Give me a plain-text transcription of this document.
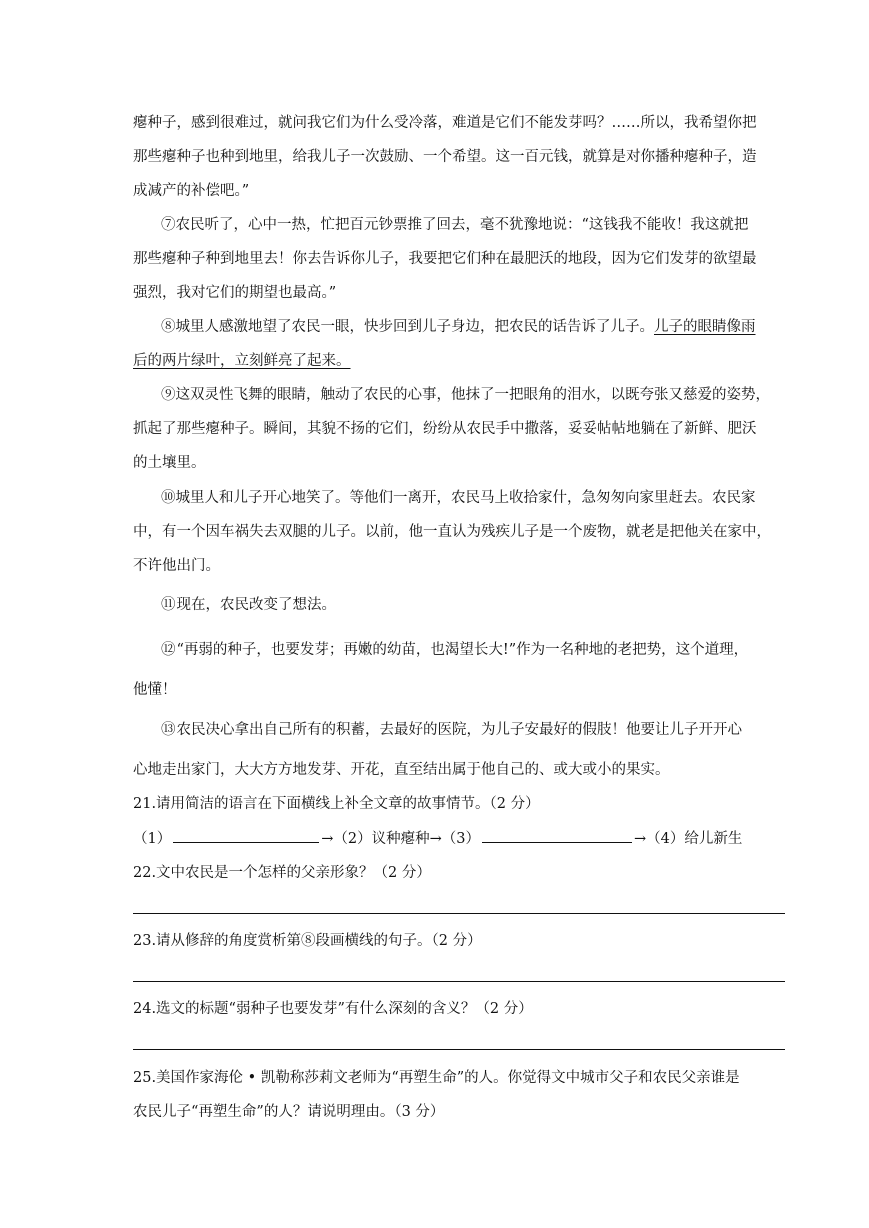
瘪种子，感到很难过，就问我它们为什么受冷落，难道是它们不能发芽吗？……所以，我希望你把
那些瘪种子也种到地里，给我儿子一次鼓励、一个希望。这一百元钱，就算是对你播种瘪种子，造
成减产的补偿吧。”
⑦农民听了，心中一热，忙把百元钞票推了回去，毫不犹豫地说：“这钱我不能收！我这就把
那些瘪种子种到地里去！你去告诉你儿子，我要把它们种在最肥沃的地段，因为它们发芽的欲望最
强烈，我对它们的期望也最高。”
⑧城里人感激地望了农民一眼，快步回到儿子身边，把农民的话告诉了儿子。儿子的眼睛像雨
后的两片绿叶，立刻鲜亮了起来。
⑨这双灵性飞舞的眼睛，触动了农民的心事，他抹了一把眼角的泪水，以既夸张又慈爱的姿势，
抓起了那些瘪种子。瞬间，其貌不扬的它们，纷纷从农民手中撒落，妥妥帖帖地躺在了新鲜、肥沃
的土壤里。
⑩城里人和儿子开心地笑了。等他们一离开，农民马上收拾家什，急匆匆向家里赶去。农民家
中，有一个因车祸失去双腿的儿子。以前，他一直认为残疾儿子是一个废物，就老是把他关在家中，
不许他出门。
⑪现在，农民改变了想法。
⑫“再弱的种子，也要发芽；再嫩的幼苗，也渴望长大!”作为一名种地的老把势，这个道理，
他懂！
⑬农民决心拿出自己所有的积蓄，去最好的医院，为儿子安最好的假肢！他要让儿子开开心
心地走出家门，大大方方地发芽、开花，直至结出属于他自己的、或大或小的果实。
21.请用简洁的语言在下面横线上补全文章的故事情节。（2 分）
（1）	→（2）议种瘪种→（3）	→（4）给儿新生
22.文中农民是一个怎样的父亲形象？（2 分）
23.请从修辞的角度赏析第⑧段画横线的句子。（2 分）
24.选文的标题“弱种子也要发芽”有什么深刻的含义？（2 分）
25.美国作家海伦 • 凯勒称莎莉文老师为“再塑生命”的人。你觉得文中城市父子和农民父亲谁是
农民儿子“再塑生命”的人？请说明理由。（3 分）
